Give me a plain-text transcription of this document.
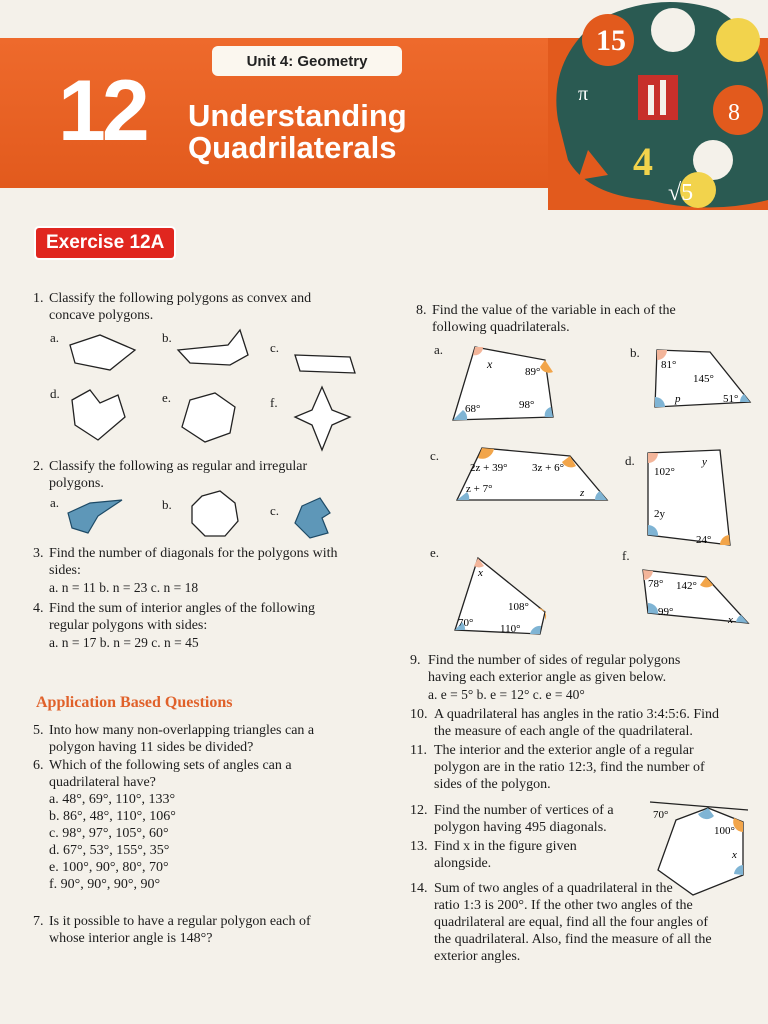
Unit 4: Geometry
12 Understanding
Quadrilaterals
15
π
4
√5
8
Exercise 12A
1. Classify the following polygons as convex and
concave polygons.
a.	b.
c.
d.	e.	f.
2. Classify the following as regular and irregular
polygons.
a.	b.	c.
3. Find the number of diagonals for the polygons with
sides:
a. n = 11 b. n = 23 c. n = 18
4. Find the sum of interior angles of the following
regular polygons with sides:
a. n = 17 b. n = 29 c. n = 45
Application Based Questions
5. Into how many non-overlapping triangles can a
polygon having 11 sides be divided?
6. Which of the following sets of angles can a
quadrilateral have?
a. 48°, 69°, 110°, 133°
b. 86°, 48°, 110°, 106°
c. 98°, 97°, 105°, 60°
d. 67°, 53°, 155°, 35°
e. 100°, 90°, 80°, 70°
f. 90°, 90°, 90°, 90°
7. Is it possible to have a regular polygon each of
whose interior angle is 148°?
8. Find the value of the variable in each of the
following quadrilaterals.
a.	b.
c.	d.
e.	f.
x
89°
68°	98°
81°
145°
p	51°
2z + 39° 3z + 6°
z + 7°	z
y
102°
2y
24°
x
108°
70° 110°
78° 142°
99°
x
9. Find the number of sides of regular polygons
having each exterior angle as given below.
a. e = 5° b. e = 12° c. e = 40°
10. A quadrilateral has angles in the ratio 3:4:5:6. Find
the measure of each angle of the quadrilateral.
11. The interior and the exterior angle of a regular
polygon are in the ratio 12:3, find the number of
sides of the polygon.
12. Find the number of vertices of a
polygon having 495 diagonals.
13. Find x in the figure given
alongside.
70°
100°
x
14. Sum of two angles of a quadrilateral in the
ratio 1:3 is 200°. If the other two angles of the
quadrilateral are equal, find all the four angles of
the quadrilateral. Also, find the measure of all the
exterior angles.
